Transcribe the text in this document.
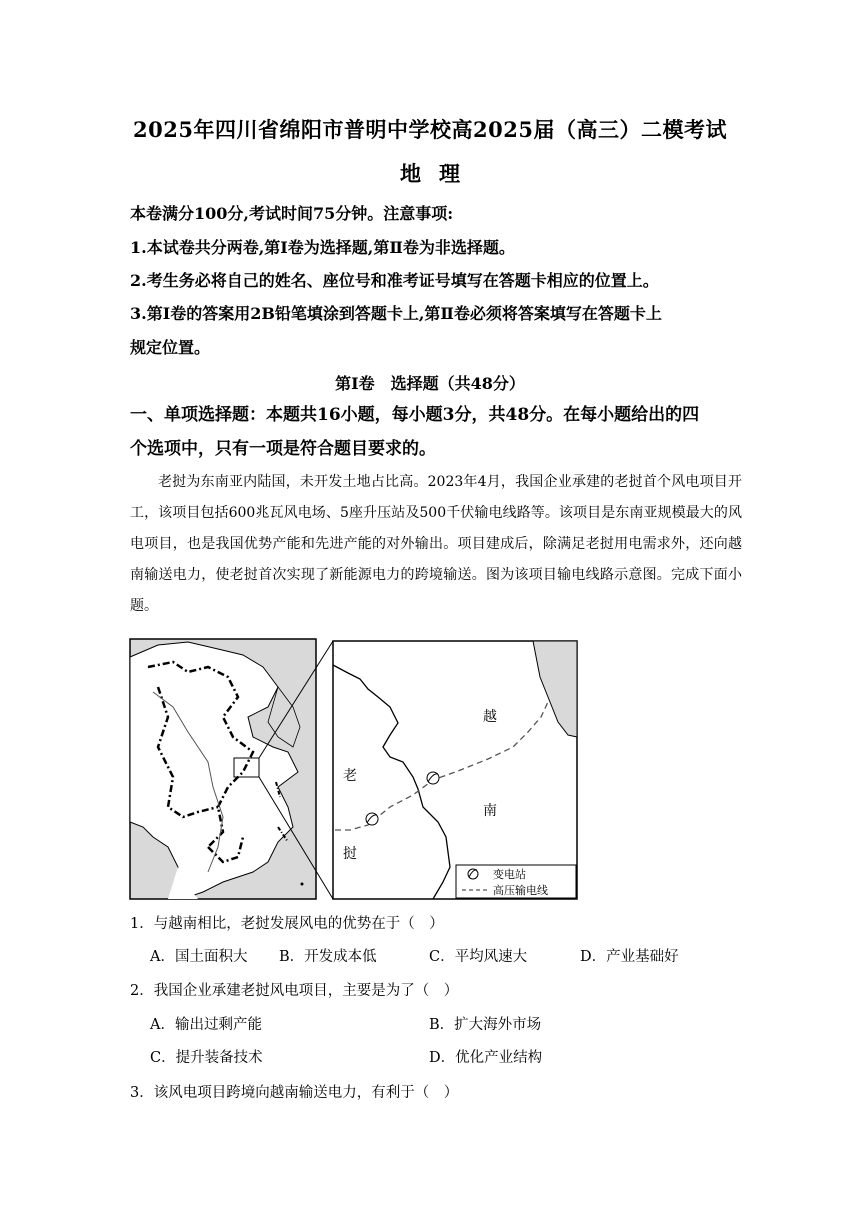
2025年四川省绵阳市普明中学校高2025届（高三）二模考试
地理
本卷满分100分,考试时间75分钟。注意事项:
1.本试卷共分两卷,第Ⅰ卷为选择题,第Ⅱ卷为非选择题。
2.考生务必将自己的姓名、座位号和准考证号填写在答题卡相应的位置上。
3.第Ⅰ卷的答案用2B铅笔填涂到答题卡上,第Ⅱ卷必须将答案填写在答题卡上
规定位置。
第Ⅰ卷　选择题（共48分）
一、单项选择题：本题共16小题，每小题3分，共48分。在每小题给出的四
个选项中，只有一项是符合题目要求的。
老挝为东南亚内陆国，未开发土地占比高。2023年4月，我国企业承建的老挝首个风电项目开工，该项目包括600兆瓦风电场、5座升压站及500千伏输电线路等。该项目是东南亚规模最大的风电项目，也是我国优势产能和先进产能的对外输出。项目建成后，除满足老挝用电需求外，还向越南输送电力，使老挝首次实现了新能源电力的跨境输送。图为该项目输电线路示意图。完成下面小题。
越
南
老
挝
变电站
高压输电线
1．与越南相比，老挝发展风电的优势在于（　）
A．国土面积大 B．开发成本低	C．平均风速大	D．产业基础好
2．我国企业承建老挝风电项目，主要是为了（　）
A．输出过剩产能	B．扩大海外市场
C．提升装备技术	D．优化产业结构
3．该风电项目跨境向越南输送电力，有利于（　）
